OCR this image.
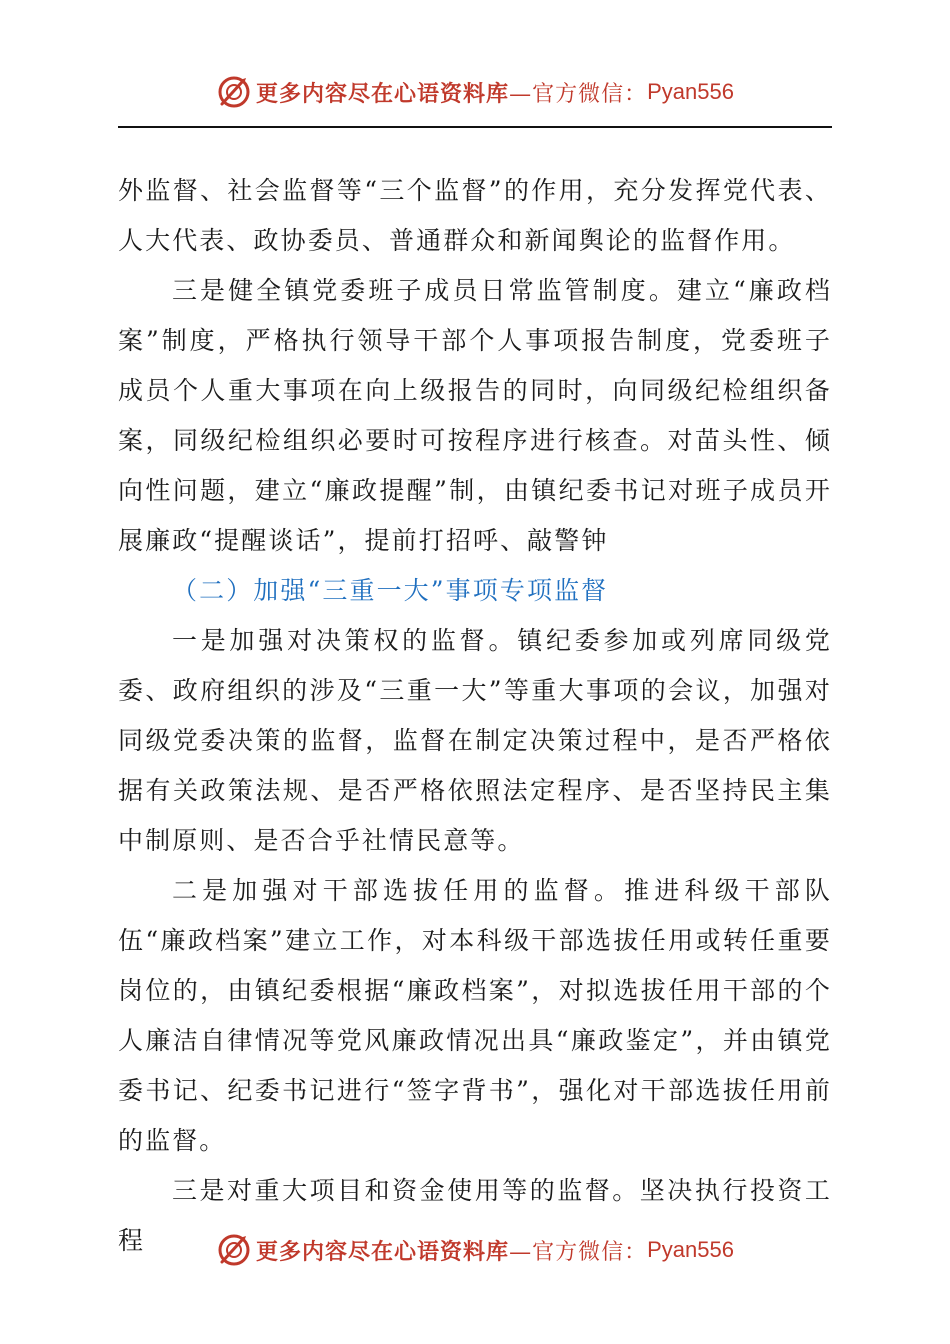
更多内容尽在心语资料库 —官方微信： Pyan556

外监督、社会监督等“三个监督”的作用，充分发挥党代表、人大代表、政协委员、普通群众和新闻舆论的监督作用。

三是健全镇党委班子成员日常监管制度。建立“廉政档案”制度，严格执行领导干部个人事项报告制度，党委班子成员个人重大事项在向上级报告的同时，向同级纪检组织备案，同级纪检组织必要时可按程序进行核查。对苗头性、倾向性问题，建立“廉政提醒”制，由镇纪委书记对班子成员开展廉政“提醒谈话”，提前打招呼、敲警钟

（二）加强“三重一大”事项专项监督

一是加强对决策权的监督。镇纪委参加或列席同级党委、政府组织的涉及“三重一大”等重大事项的会议，加强对同级党委决策的监督，监督在制定决策过程中，是否严格依据有关政策法规、是否严格依照法定程序、是否坚持民主集中制原则、是否合乎社情民意等。

二是加强对干部选拔任用的监督。推进科级干部队伍“廉政档案”建立工作，对本科级干部选拔任用或转任重要岗位的，由镇纪委根据“廉政档案”，对拟选拔任用干部的个人廉洁自律情况等党风廉政情况出具“廉政鉴定”，并由镇党委书记、纪委书记进行“签字背书”，强化对干部选拔任用前的监督。

三是对重大项目和资金使用等的监督。坚决执行投资工程	更多内容尽在心语资料库 —官方微信： Pyan556
